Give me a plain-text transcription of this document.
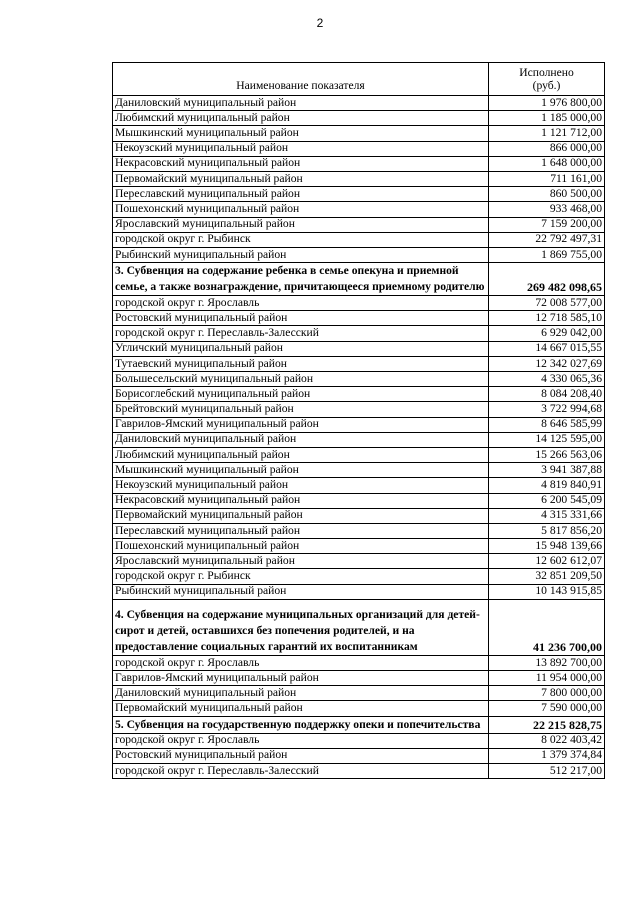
2
Наименование показателя	Исполнено
(руб.)
Даниловский муниципальный район	1 976 800,00
Любимский муниципальный район	1 185 000,00
Мышкинский муниципальный район	1 121 712,00
Некоузский муниципальный район	866 000,00
Некрасовский муниципальный район	1 648 000,00
Первомайский муниципальный район	711 161,00
Переславский муниципальный район	860 500,00
Пошехонский муниципальный район	933 468,00
Ярославский муниципальный район	7 159 200,00
городской округ г. Рыбинск	22 792 497,31
Рыбинский муниципальный район	1 869 755,00
3. Субвенция на содержание ребенка в семье опекуна и приемной семье, а также вознаграждение, причитающееся приемному родителю	269 482 098,65
городской округ г. Ярославль	72 008 577,00
Ростовский муниципальный район	12 718 585,10
городской округ г. Переславль-Залесский	6 929 042,00
Угличский муниципальный район	14 667 015,55
Тутаевский муниципальный район	12 342 027,69
Большесельский муниципальный район	4 330 065,36
Борисоглебский муниципальный район	8 084 208,40
Брейтовский муниципальный район	3 722 994,68
Гаврилов-Ямский муниципальный район	8 646 585,99
Даниловский муниципальный район	14 125 595,00
Любимский муниципальный район	15 266 563,06
Мышкинский муниципальный район	3 941 387,88
Некоузский муниципальный район	4 819 840,91
Некрасовский муниципальный район	6 200 545,09
Первомайский муниципальный район	4 315 331,66
Переславский муниципальный район	5 817 856,20
Пошехонский муниципальный район	15 948 139,66
Ярославский муниципальный район	12 602 612,07
городской округ г. Рыбинск	32 851 209,50
Рыбинский муниципальный район	10 143 915,85
4. Субвенция на содержание муниципальных организаций для детей-сирот и детей, оставшихся без попечения родителей, и на предоставление социальных гарантий их воспитанникам	41 236 700,00
городской округ г. Ярославль	13 892 700,00
Гаврилов-Ямский муниципальный район	11 954 000,00
Даниловский муниципальный район	7 800 000,00
Первомайский муниципальный район	7 590 000,00
5. Субвенция на государственную поддержку опеки и попечительства	22 215 828,75
городской округ г. Ярославль	8 022 403,42
Ростовский муниципальный район	1 379 374,84
городской округ г. Переславль-Залесский	512 217,00
